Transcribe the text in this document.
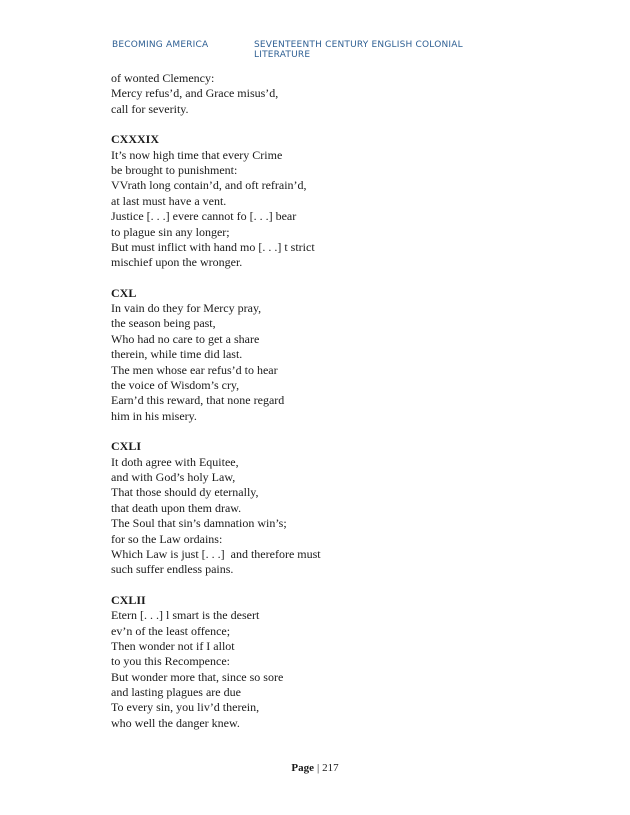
BECOMING AMERICA	SEVENTEENTH CENTURY ENGLISH COLONIAL LITERATURE
of wonted Clemency:
Mercy refus’d, and Grace misus’d,
call for severity.
CXXXIX
It’s now high time that every Crime
be brought to punishment:
VVrath long contain’d, and oft refrain’d,
at last must have a vent.
Justice [. . .] evere cannot fo [. . .] bear
to plague sin any longer;
But must inflict with hand mo [. . .] t strict
mischief upon the wronger.
CXL
In vain do they for Mercy pray,
the season being past,
Who had no care to get a share
therein, while time did last.
The men whose ear refus’d to hear
the voice of Wisdom’s cry,
Earn’d this reward, that none regard
him in his misery.
CXLI
It doth agree with Equitee,
and with God’s holy Law,
That those should dy eternally,
that death upon them draw.
The Soul that sin’s damnation win’s;
for so the Law ordains:
Which Law is just [. . .]  and therefore must
such suffer endless pains.
CXLII
Etern [. . .] l smart is the desert
ev’n of the least offence;
Then wonder not if I allot
to you this Recompence:
But wonder more that, since so sore
and lasting plagues are due
To every sin, you liv’d therein,
who well the danger knew.
Page | 217
